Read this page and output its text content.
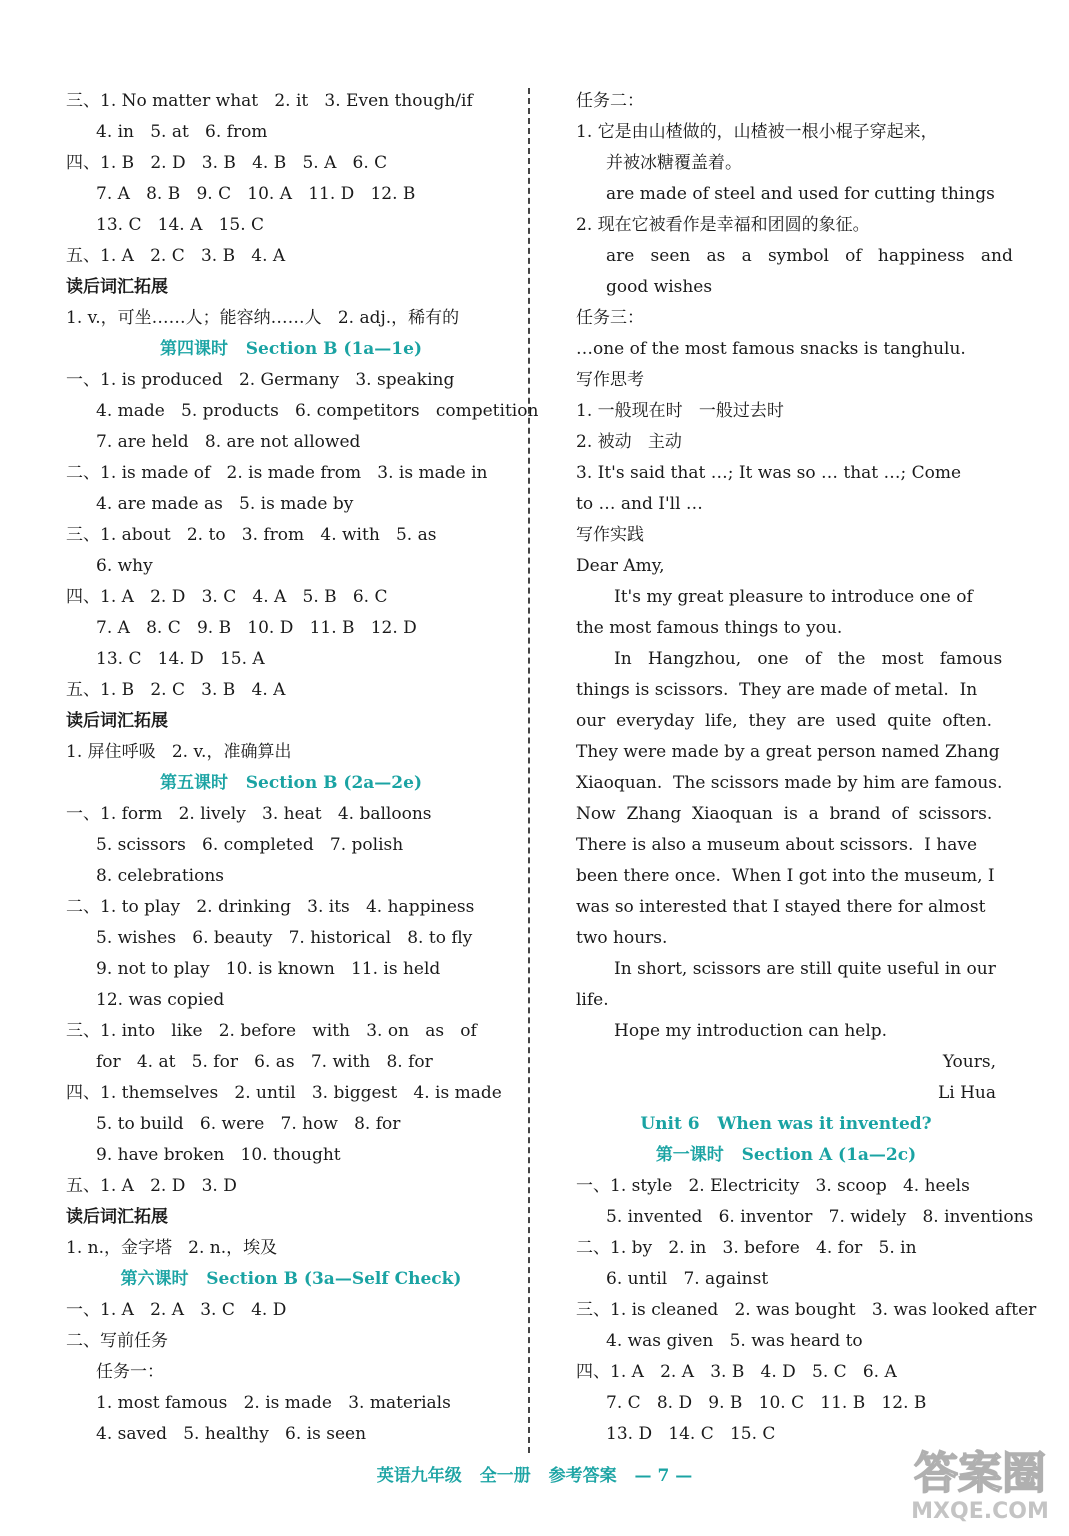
三、1. No matter what   2. it   3. Even though/if
4. in   5. at   6. from
四、1. B   2. D   3. B   4. B   5. A   6. C
7. A   8. B   9. C   10. A   11. D   12. B
13. C   14. A   15. C
五、1. A   2. C   3. B   4. A
读后词汇拓展
1. v.，可坐……人；能容纳……人   2. adj.，稀有的
第四课时   Section B (1a—1e)
一、1. is produced   2. Germany   3. speaking
4. made   5. products   6. competitors   competition
7. are held   8. are not allowed
二、1. is made of   2. is made from   3. is made in
4. are made as   5. is made by
三、1. about   2. to   3. from   4. with   5. as
6. why
四、1. A   2. D   3. C   4. A   5. B   6. C
7. A   8. C   9. B   10. D   11. B   12. D
13. C   14. D   15. A
五、1. B   2. C   3. B   4. A
读后词汇拓展
1. 屏住呼吸   2. v.，准确算出
第五课时   Section B (2a—2e)
一、1. form   2. lively   3. heat   4. balloons
5. scissors   6. completed   7. polish
8. celebrations
二、1. to play   2. drinking   3. its   4. happiness
5. wishes   6. beauty   7. historical   8. to fly
9. not to play   10. is known   11. is held
12. was copied
三、1. into   like   2. before   with   3. on   as   of
for   4. at   5. for   6. as   7. with   8. for
四、1. themselves   2. until   3. biggest   4. is made
5. to build   6. were   7. how   8. for
9. have broken   10. thought
五、1. A   2. D   3. D
读后词汇拓展
1. n.，金字塔   2. n.，埃及
第六课时   Section B (3a—Self Check)
一、1. A   2. A   3. C   4. D
二、写前任务
任务一：
1. most famous   2. is made   3. materials
4. saved   5. healthy   6. is seen
任务二：
1. 它是由山楂做的，山楂被一根小棍子穿起来，
并被冰糖覆盖着。
are made of steel and used for cutting things
2. 现在它被看作是幸福和团圆的象征。
are   seen   as   a   symbol   of   happiness   and
good wishes
任务三：
…one of the most famous snacks is tanghulu.
写作思考
1. 一般现在时   一般过去时
2. 被动   主动
3. It's said that …; It was so … that …; Come
to … and I'll …
写作实践
Dear Amy,
It's my great pleasure to introduce one of
the most famous things to you.
In   Hangzhou,   one   of   the   most   famous
things is scissors.  They are made of metal.  In
our  everyday  life,  they  are  used  quite  often.
They were made by a great person named Zhang
Xiaoquan.  The scissors made by him are famous.
Now  Zhang  Xiaoquan  is  a  brand  of  scissors.
There is also a museum about scissors.  I have
been there once.  When I got into the museum, I
was so interested that I stayed there for almost
two hours.
In short, scissors are still quite useful in our
life.
Hope my introduction can help.
Yours,
Li Hua
Unit 6   When was it invented?
第一课时   Section A (1a—2c)
一、1. style   2. Electricity   3. scoop   4. heels
5. invented   6. inventor   7. widely   8. inventions
二、1. by   2. in   3. before   4. for   5. in
6. until   7. against
三、1. is cleaned   2. was bought   3. was looked after
4. was given   5. was heard to
四、1. A   2. A   3. B   4. D   5. C   6. A
7. C   8. D   9. B   10. C   11. B   12. B
13. D   14. C   15. C
英语九年级 全一册 参考答案 — 7 —	答案圈
MXQE.COM
